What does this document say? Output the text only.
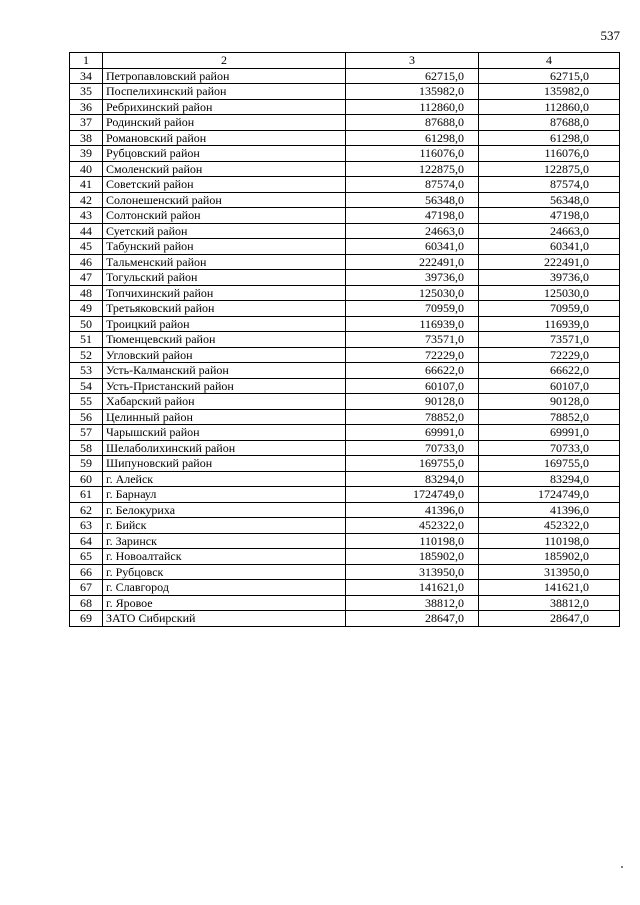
537
1	2	3	4
34	Петропавловский район	62715,0	62715,0
35	Поспелихинский район	135982,0	135982,0
36	Ребрихинский район	112860,0	112860,0
37	Родинский район	87688,0	87688,0
38	Романовский район	61298,0	61298,0
39	Рубцовский район	116076,0	116076,0
40	Смоленский район	122875,0	122875,0
41	Советский район	87574,0	87574,0
42	Солонешенский район	56348,0	56348,0
43	Солтонский район	47198,0	47198,0
44	Суетский район	24663,0	24663,0
45	Табунский район	60341,0	60341,0
46	Тальменский район	222491,0	222491,0
47	Тогульский район	39736,0	39736,0
48	Топчихинский район	125030,0	125030,0
49	Третьяковский район	70959,0	70959,0
50	Троицкий район	116939,0	116939,0
51	Тюменцевский район	73571,0	73571,0
52	Угловский район	72229,0	72229,0
53	Усть-Калманский район	66622,0	66622,0
54	Усть-Пристанский район	60107,0	60107,0
55	Хабарский район	90128,0	90128,0
56	Целинный район	78852,0	78852,0
57	Чарышский район	69991,0	69991,0
58	Шелаболихинский район	70733,0	70733,0
59	Шипуновский район	169755,0	169755,0
60	г. Алейск	83294,0	83294,0
61	г. Барнаул	1724749,0	1724749,0
62	г. Белокуриха	41396,0	41396,0
63	г. Бийск	452322,0	452322,0
64	г. Заринск	110198,0	110198,0
65	г. Новоалтайск	185902,0	185902,0
66	г. Рубцовск	313950,0	313950,0
67	г. Славгород	141621,0	141621,0
68	г. Яровое	38812,0	38812,0
69	ЗАТО Сибирский	28647,0	28647,0
